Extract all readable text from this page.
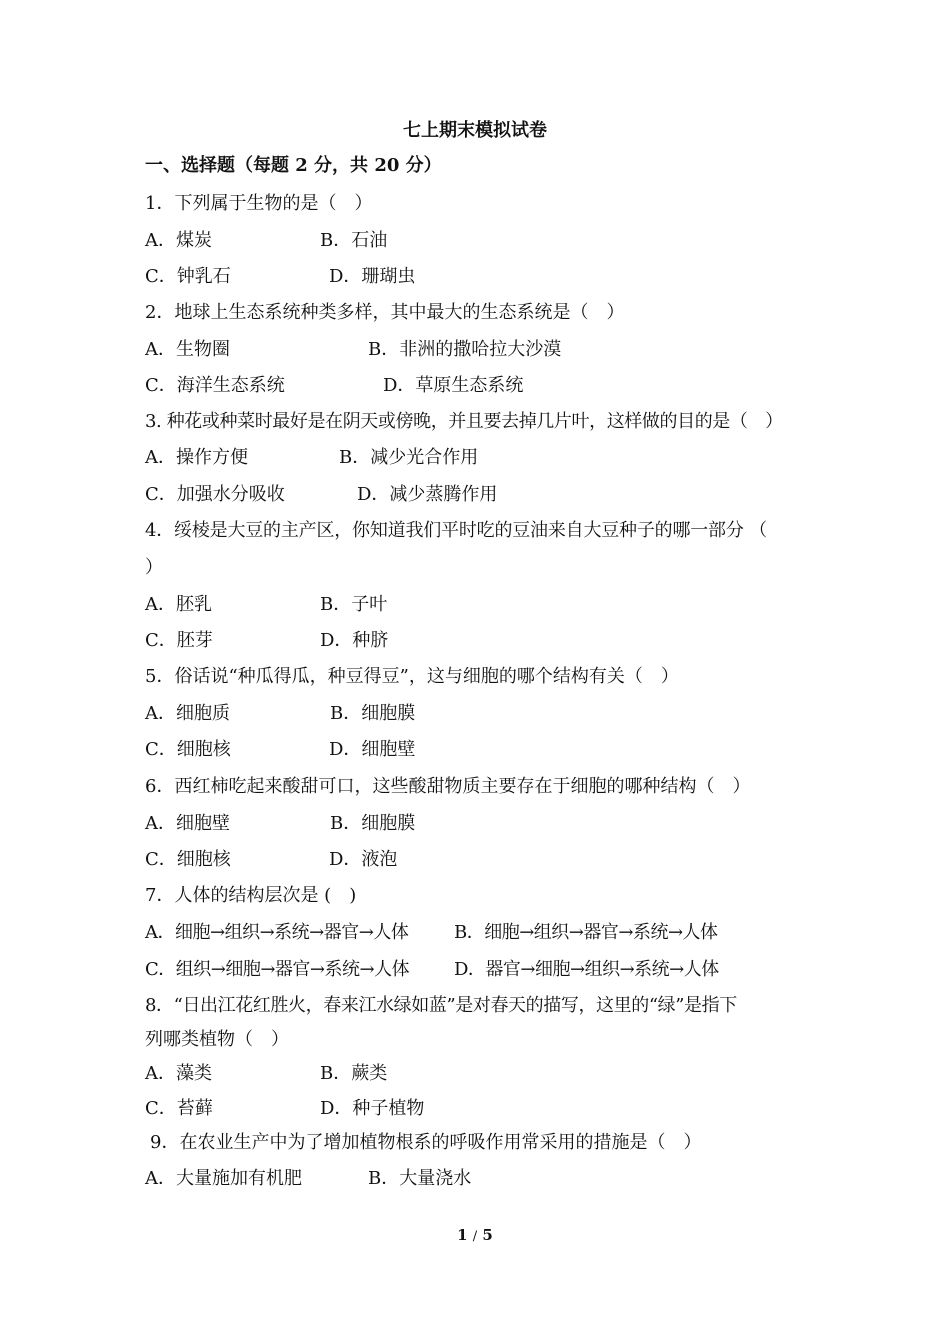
七上期末模拟试卷
一、选择题（每题 2 分，共 20 分）
1．下列属于生物的是（　）
A．煤炭	B．石油
C．钟乳石	D．珊瑚虫
2．地球上生态系统种类多样，其中最大的生态系统是（　）
A．生物圈	B．非洲的撒哈拉大沙漠
C．海洋生态系统	D．草原生态系统
3. 种花或种菜时最好是在阴天或傍晚，并且要去掉几片叶，这样做的目的是（　）
A．操作方便	B．减少光合作用
C．加强水分吸收	D．减少蒸腾作用
4．绥棱是大豆的主产区，你知道我们平时吃的豆油来自大豆种子的哪一部分 （
）
A．胚乳	B．子叶
C．胚芽	D．种脐
5．俗话说“种瓜得瓜，种豆得豆”，这与细胞的哪个结构有关（　）
A．细胞质	B．细胞膜
C．细胞核	D．细胞壁
6．西红柿吃起来酸甜可口，这些酸甜物质主要存在于细胞的哪种结构（　）
A．细胞壁	B．细胞膜
C．细胞核	D．液泡
7．人体的结构层次是 (　)
A．细胞→组织→系统→器官→人体	B．细胞→组织→器官→系统→人体
C．组织→细胞→器官→系统→人体 D．器官→细胞→组织→系统→人体
8．“日出江花红胜火，春来江水绿如蓝”是对春天的描写，这里的“绿”是指下
列哪类植物（　）
A．藻类	B．蕨类
C．苔藓	D．种子植物
9．在农业生产中为了增加植物根系的呼吸作用常采用的措施是（　）
A．大量施加有机肥	B．大量浇水
1 / 5
